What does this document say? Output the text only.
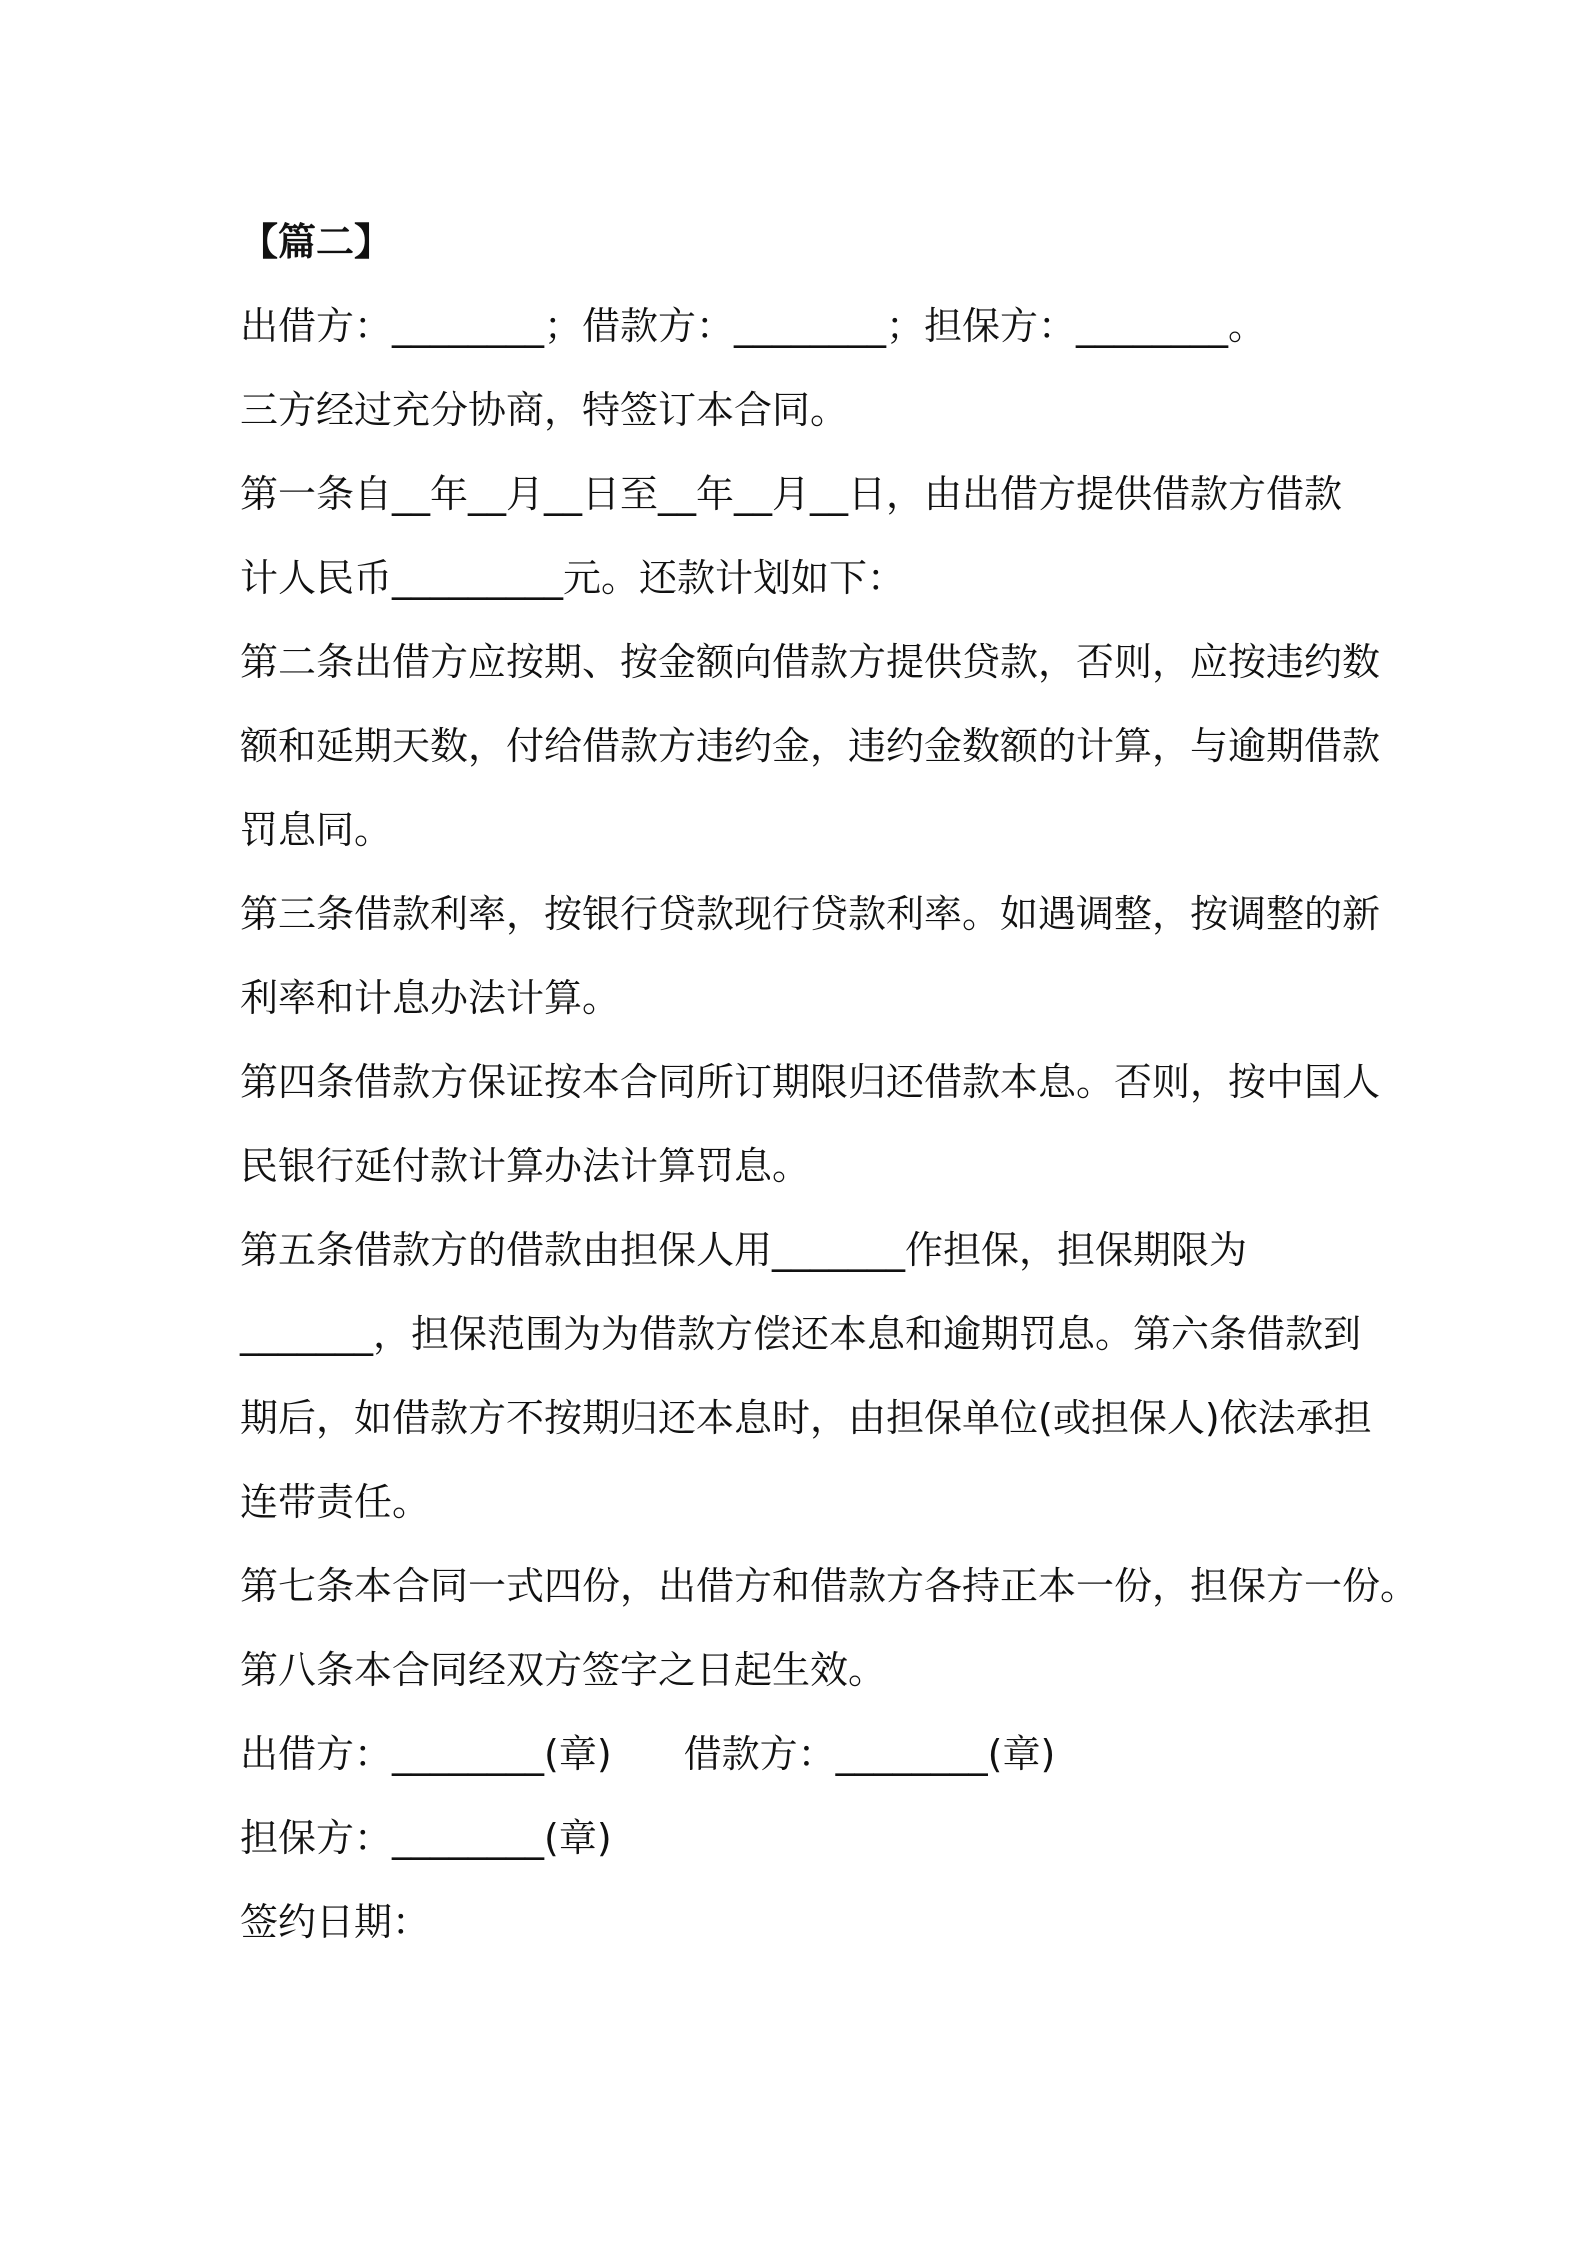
【篇二】
出借方：________；借款方：________；担保方：________。
三方经过充分协商，特签订本合同。
第一条自__年__月__日至__年__月__日，由出借方提供借款方借款
计人民币_________元。还款计划如下：
第二条出借方应按期、按金额向借款方提供贷款，否则，应按违约数
额和延期天数，付给借款方违约金，违约金数额的计算，与逾期借款
罚息同。
第三条借款利率，按银行贷款现行贷款利率。如遇调整，按调整的新
利率和计息办法计算。
第四条借款方保证按本合同所订期限归还借款本息。否则，按中国人
民银行延付款计算办法计算罚息。
第五条借款方的借款由担保人用_______作担保，担保期限为
_______，担保范围为为借款方偿还本息和逾期罚息。第六条借款到
期后，如借款方不按期归还本息时，由担保单位(或担保人)依法承担
连带责任。
第七条本合同一式四份，出借方和借款方各持正本一份，担保方一份。
第八条本合同经双方签字之日起生效。
出借方：________(章) 借款方：________(章)
担保方：________(章)
签约日期：
